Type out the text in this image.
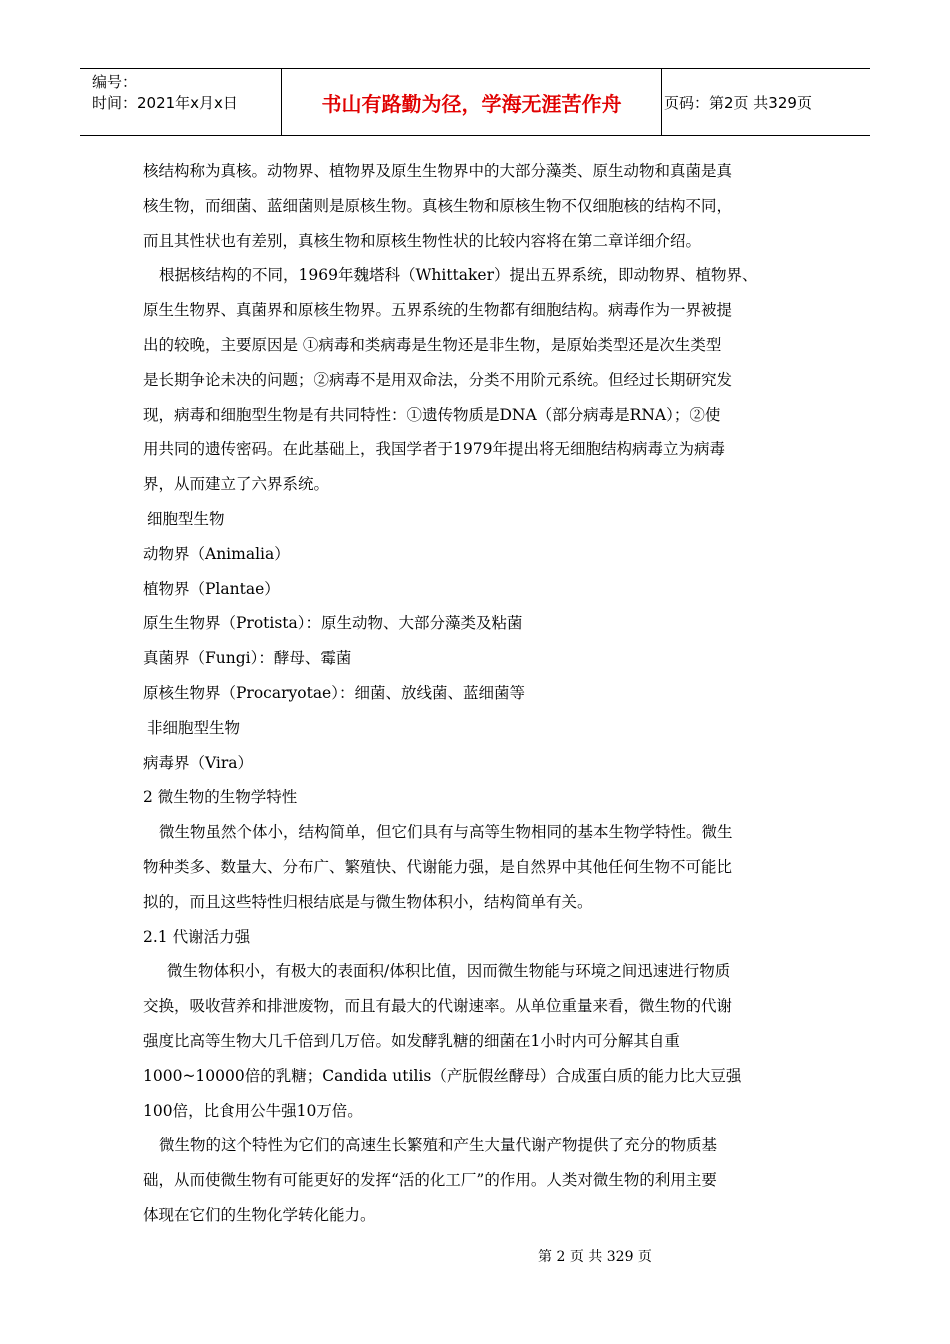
编号：
时间：2021年x月x日	书山有路勤为径，学海无涯苦作舟	页码：第2页 共329页

核结构称为真核。动物界、植物界及原生生物界中的大部分藻类、原生动物和真菌是真

核生物，而细菌、蓝细菌则是原核生物。真核生物和原核生物不仅细胞核的结构不同，

而且其性状也有差别，真核生物和原核生物性状的比较内容将在第二章详细介绍。

根据核结构的不同，1969年魏塔科（Whittaker）提出五界系统，即动物界、植物界、

原生生物界、真菌界和原核生物界。五界系统的生物都有细胞结构。病毒作为一界被提

出的较晚，主要原因是 ①病毒和类病毒是生物还是非生物，是原始类型还是次生类型

是长期争论未决的问题；②病毒不是用双命法，分类不用阶元系统。但经过长期研究发

现，病毒和细胞型生物是有共同特性：①遗传物质是DNA（部分病毒是RNA）；②使

用共同的遗传密码。在此基础上，我国学者于1979年提出将无细胞结构病毒立为病毒

界，从而建立了六界系统。

细胞型生物

动物界（Animalia）

植物界（Plantae）

原生生物界（Protista）：原生动物、大部分藻类及粘菌

真菌界（Fungi）：酵母、霉菌

原核生物界（Procaryotae）：细菌、放线菌、蓝细菌等

非细胞型生物

病毒界（Vira）

2 微生物的生物学特性

微生物虽然个体小，结构简单，但它们具有与高等生物相同的基本生物学特性。微生

物种类多、数量大、分布广、繁殖快、代谢能力强，是自然界中其他任何生物不可能比

拟的，而且这些特性归根结底是与微生物体积小，结构简单有关。

2.1 代谢活力强

微生物体积小，有极大的表面积/体积比值，因而微生物能与环境之间迅速进行物质

交换，吸收营养和排泄废物，而且有最大的代谢速率。从单位重量来看，微生物的代谢

强度比高等生物大几千倍到几万倍。如发酵乳糖的细菌在1小时内可分解其自重

1000~10000倍的乳糖；Candida utilis（产朊假丝酵母）合成蛋白质的能力比大豆强

100倍，比食用公牛强10万倍。

微生物的这个特性为它们的高速生长繁殖和产生大量代谢产物提供了充分的物质基

础，从而使微生物有可能更好的发挥“活的化工厂”的作用。人类对微生物的利用主要

体现在它们的生物化学转化能力。

第 2 页 共 329 页
